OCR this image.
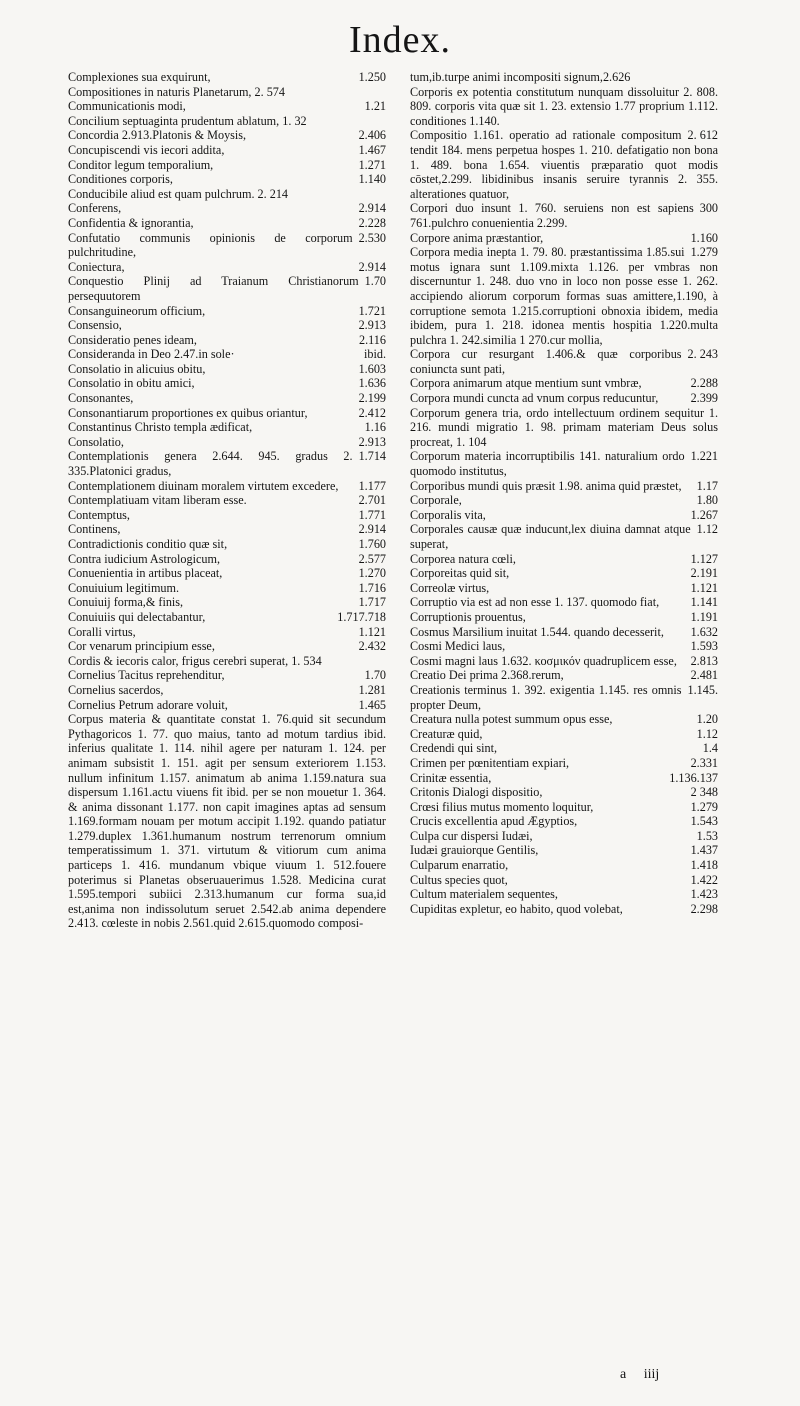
Index.

1.250
Complexiones sua exquirunt,

Compositiones in naturis Planetarum, 2. 574

1.21
Communicationis modi,

Concilium septuaginta prudentum ablatum, 1. 32

2.406
Concordia 2.913.Platonis & Moysis,

1.467
Concupiscendi vis iecori addita,

1.271
Conditor legum temporalium,

1.140
Conditiones corporis,

Conducibile aliud est quam pulchrum. 2. 214

2.914
Conferens,

2.228
Confidentia & ignorantia,

2.530
Confutatio communis opinionis de corporum pulchritudine,

2.914
Coniectura,

1.70
Conquestio Plinij ad Traianum Christianorum persequutorem

1.721
Consanguineorum officium,

2.913
Consensio,

2.116
Consideratio penes ideam,

ibid.
Consideranda in Deo 2.47.in sole·

1.603
Consolatio in alicuius obitu,

1.636
Consolatio in obitu amici,

2.199
Consonantes,

2.412
Consonantiarum proportiones ex quibus oriantur,

1.16
Constantinus Christo templa ædificat,

2.913
Consolatio,

1.714
Contemplationis genera 2.644. 945. gradus 2. 335.Platonici gradus,

1.177
Contemplationem diuinam moralem virtutem excedere,

2.701
Contemplatiuam vitam liberam esse.

1.771
Contemptus,

2.914
Continens,

1.760
Contradictionis conditio quæ sit,

2.577
Contra iudicium Astrologicum,

1.270
Conuenientia in artibus placeat,

1.716
Conuiuium legitimum.

1.717
Conuiuij forma,& finis,

1.717.718
Conuiuiis qui delectabantur,

1.121
Coralli virtus,

2.432
Cor venarum principium esse,

Cordis & iecoris calor, frigus cerebri superat, 1. 534

1.70
Cornelius Tacitus reprehenditur,

1.281
Cornelius sacerdos,

1.465
Cornelius Petrum adorare voluit,

Corpus materia & quantitate constat 1. 76.quid sit secundum Pythagoricos 1. 77. quo maius, tanto ad motum tardius ibid. inferius qualitate 1. 114. nihil agere per naturam 1. 124. per animam subsistit 1. 151. agit per sensum exteriorem 1.153. nullum infinitum 1.157. animatum ab anima 1.159.natura sua dispersum 1.161.actu viuens fit ibid. per se non mouetur 1. 364. & anima dissonant 1.177. non capit imagines aptas ad sensum 1.169.formam nouam per motum accipit 1.192. quando patiatur 1.279.duplex 1.361.humanum nostrum terrenorum omnium temperatissimum 1. 371. virtutum & vitiorum cum anima particeps 1. 416. mundanum vbique viuum 1. 512.fouere poterimus si Planetas obseruauerimus 1.528. Medicina curat 1.595.tempori subiici 2.313.humanum cur forma sua,id est,anima non indissolutum seruet 2.542.ab anima dependere 2.413. cœleste in nobis 2.561.quid 2.615.quomodo composi-

tum,ib.turpe animi incompositi signum,2.626

Corporis ex potentia constitutum nunquam dissoluitur 2. 808. 809. corporis vita quæ sit 1. 23. extensio 1.77 proprium 1.112. conditiones 1.140.

2. 612
Compositio 1.161. operatio ad rationale compositum tendit 184. mens perpetua hospes 1. 210. defatigatio non bona 1. 489. bona 1.654. viuentis præparatio quot modis cōstet,2.299. libidinibus insanis seruire tyrannis 2. 355. alterationes quatuor,

300
Corpori duo insunt 1. 760. seruiens non est sapiens 761.pulchro conuenientia 2.299.

1.160
Corpore anima præstantior,

1.279
Corpora media inepta 1. 79. 80. præstantissima 1.85.sui motus ignara sunt 1.109.mixta 1.126. per vmbras non discernuntur 1. 248. duo vno in loco non posse esse 1. 262. accipiendo aliorum corporum formas suas amittere,1.190, à corruptione semota 1.215.corruptioni obnoxia ibidem, media ibidem, pura 1. 218. idonea mentis hospitia 1.220.multa pulchra 1. 242.similia 1 270.cur mollia,

2. 243
Corpora cur resurgant 1.406.& quæ corporibus coniuncta sunt pati,

2.288
Corpora animarum atque mentium sunt vmbræ,

2.399
Corpora mundi cuncta ad vnum corpus reducuntur,

Corporum genera tria, ordo intellectuum ordinem sequitur 1. 216. mundi migratio 1. 98. primam materiam Deus solus procreat, 1. 104

1.221
Corporum materia incorruptibilis 141. naturalium ordo quomodo institutus,

1.17
Corporibus mundi quis præsit 1.98. anima quid præstet,

1.80
Corporale,

1.267
Corporalis vita,

1.12
Corporales causæ quæ inducunt,lex diuina damnat atque superat,

1.127
Corporea natura cœli,

2.191
Corporeitas quid sit,

1.121
Correolæ virtus,

1.141
Corruptio via est ad non esse 1. 137. quomodo fiat,

1.191
Corruptionis prouentus,

1.632
Cosmus Marsilium inuitat 1.544. quando decesserit,

1.593
Cosmi Medici laus,

2.813
Cosmi magni laus 1.632. κοσμικόν quadruplicem esse,

2.481
Creatio Dei prima 2.368.rerum,

1.145.
Creationis terminus 1. 392. exigentia 1.145. res omnis propter Deum,

1.20
Creatura nulla potest summum opus esse,

1.12
Creaturæ quid,

1.4
Credendi qui sint,

2.331
Crimen per pœnitentiam expiari,

1.136.137
Crinitæ essentia,

2 348
Critonis Dialogi dispositio,

1.279
Crœsi filius mutus momento loquitur,

1.543
Crucis excellentia apud Ægyptios,

1.53
Culpa cur dispersi Iudæi,

1.437
Iudæi grauiorque Gentilis,

1.418
Culparum enarratio,

1.422
Cultus species quot,

1.423
Cultum materialem sequentes,

2.298
Cupiditas expletur, eo habito, quod volebat,

a iiij
